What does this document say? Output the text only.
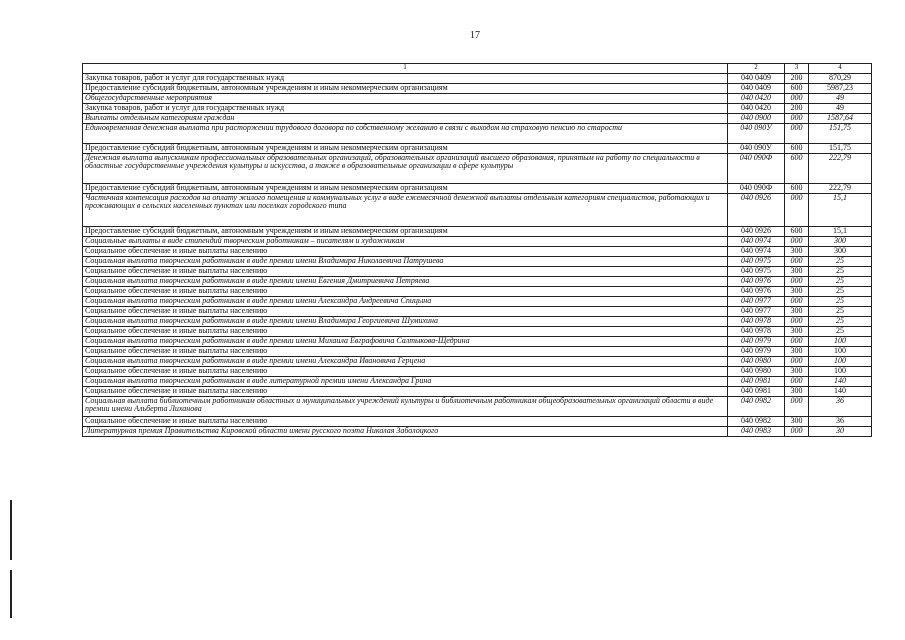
17
1	2	3	4
Закупка товаров, работ и услуг для государственных нужд	040 0409	200	870,29
Предоставление субсидий бюджетным, автономным учреждениям и иным некоммерческим организациям	040 0409	600	5987,23
Общегосударственные мероприятия	040 0420	000	49
Закупка товаров, работ и услуг для государственных нужд	040 0420	200	49
Выплаты отдельным категориям граждан	040 0900	000	1587,64
Единовременная денежная выплата при расторжении трудового договора по собственному желанию в связи с выходом на страховую пенсию по старости	040 090У	000	151,75
Предоставление субсидий бюджетным, автономным учреждениям и иным некоммерческим организациям	040 090У	600	151,75
Денежная выплата выпускникам профессиональных образовательных организаций, образовательных организаций высшего образования, принятым на работу по специальности в областные государственные учреждения культуры и искусства, а также в образовательные организации в сфере культуры	040 090Ф	600	222,79
Предоставление субсидий бюджетным, автономным учреждениям и иным некоммерческим организациям	040 090Ф	600	222,79
Частичная компенсация расходов на оплату жилого помещения и коммунальных услуг в виде ежемесячной денежной выплаты отдельным категориям специалистов, работающих и проживающих в сельских населенных пунктах или поселках городского типа	040 0926	000	15,1
Предоставление субсидий бюджетным, автономным учреждениям и иным некоммерческим организациям	040 0926	600	15,1
Социальные выплаты в виде стипендий творческим работникам – писателям и художникам	040 0974	000	300
Социальное обеспечение и иные выплаты населению	040 0974	300	300
Социальная выплата творческим работникам в виде премии имени Владимира Николаевича Патрушева	040 0975	000	25
Социальное обеспечение и иные выплаты населению	040 0975	300	25
Социальная выплата творческим работникам в виде премии имени Евгения Дмитриевича Петряева	040 0976	000	25
Социальное обеспечение и иные выплаты населению	040 0976	300	25
Социальная выплата творческим работникам в виде премии имени Александра Андреевича Спицына	040 0977	000	25
Социальное обеспечение и иные выплаты населению	040 0977	300	25
Социальная выплата творческим работникам в виде премии имени Владимира Георгиевича Шумихина	040 0978	000	25
Социальное обеспечение и иные выплаты населению	040 0978	300	25
Социальная выплата творческим работникам в виде премии имени Михаила Евграфовича Салтыкова-Щедрина	040 0979	000	100
Социальное обеспечение и иные выплаты населению	040 0979	300	100
Социальная выплата творческим работникам в виде премии имени Александра Ивановича Герцена	040 0980	000	100
Социальное обеспечение и иные выплаты населению	040 0980	300	100
Социальная выплата творческим работникам в виде литературной премии имени Александра Грина	040 0981	000	140
Социальное обеспечение и иные выплаты населению	040 0981	300	140
Социальная выплата библиотечным работникам областных и муниципальных учреждений культуры и библиотечным работникам общеобразовательных организаций области в виде премии имени Альберта Лиханова	040 0982	000	36
Социальное обеспечение и иные выплаты населению	040 0982	300	36
Литературная премия Правительства Кировской области имени русского поэта Николая Заболоцкого	040 0983	000	30
